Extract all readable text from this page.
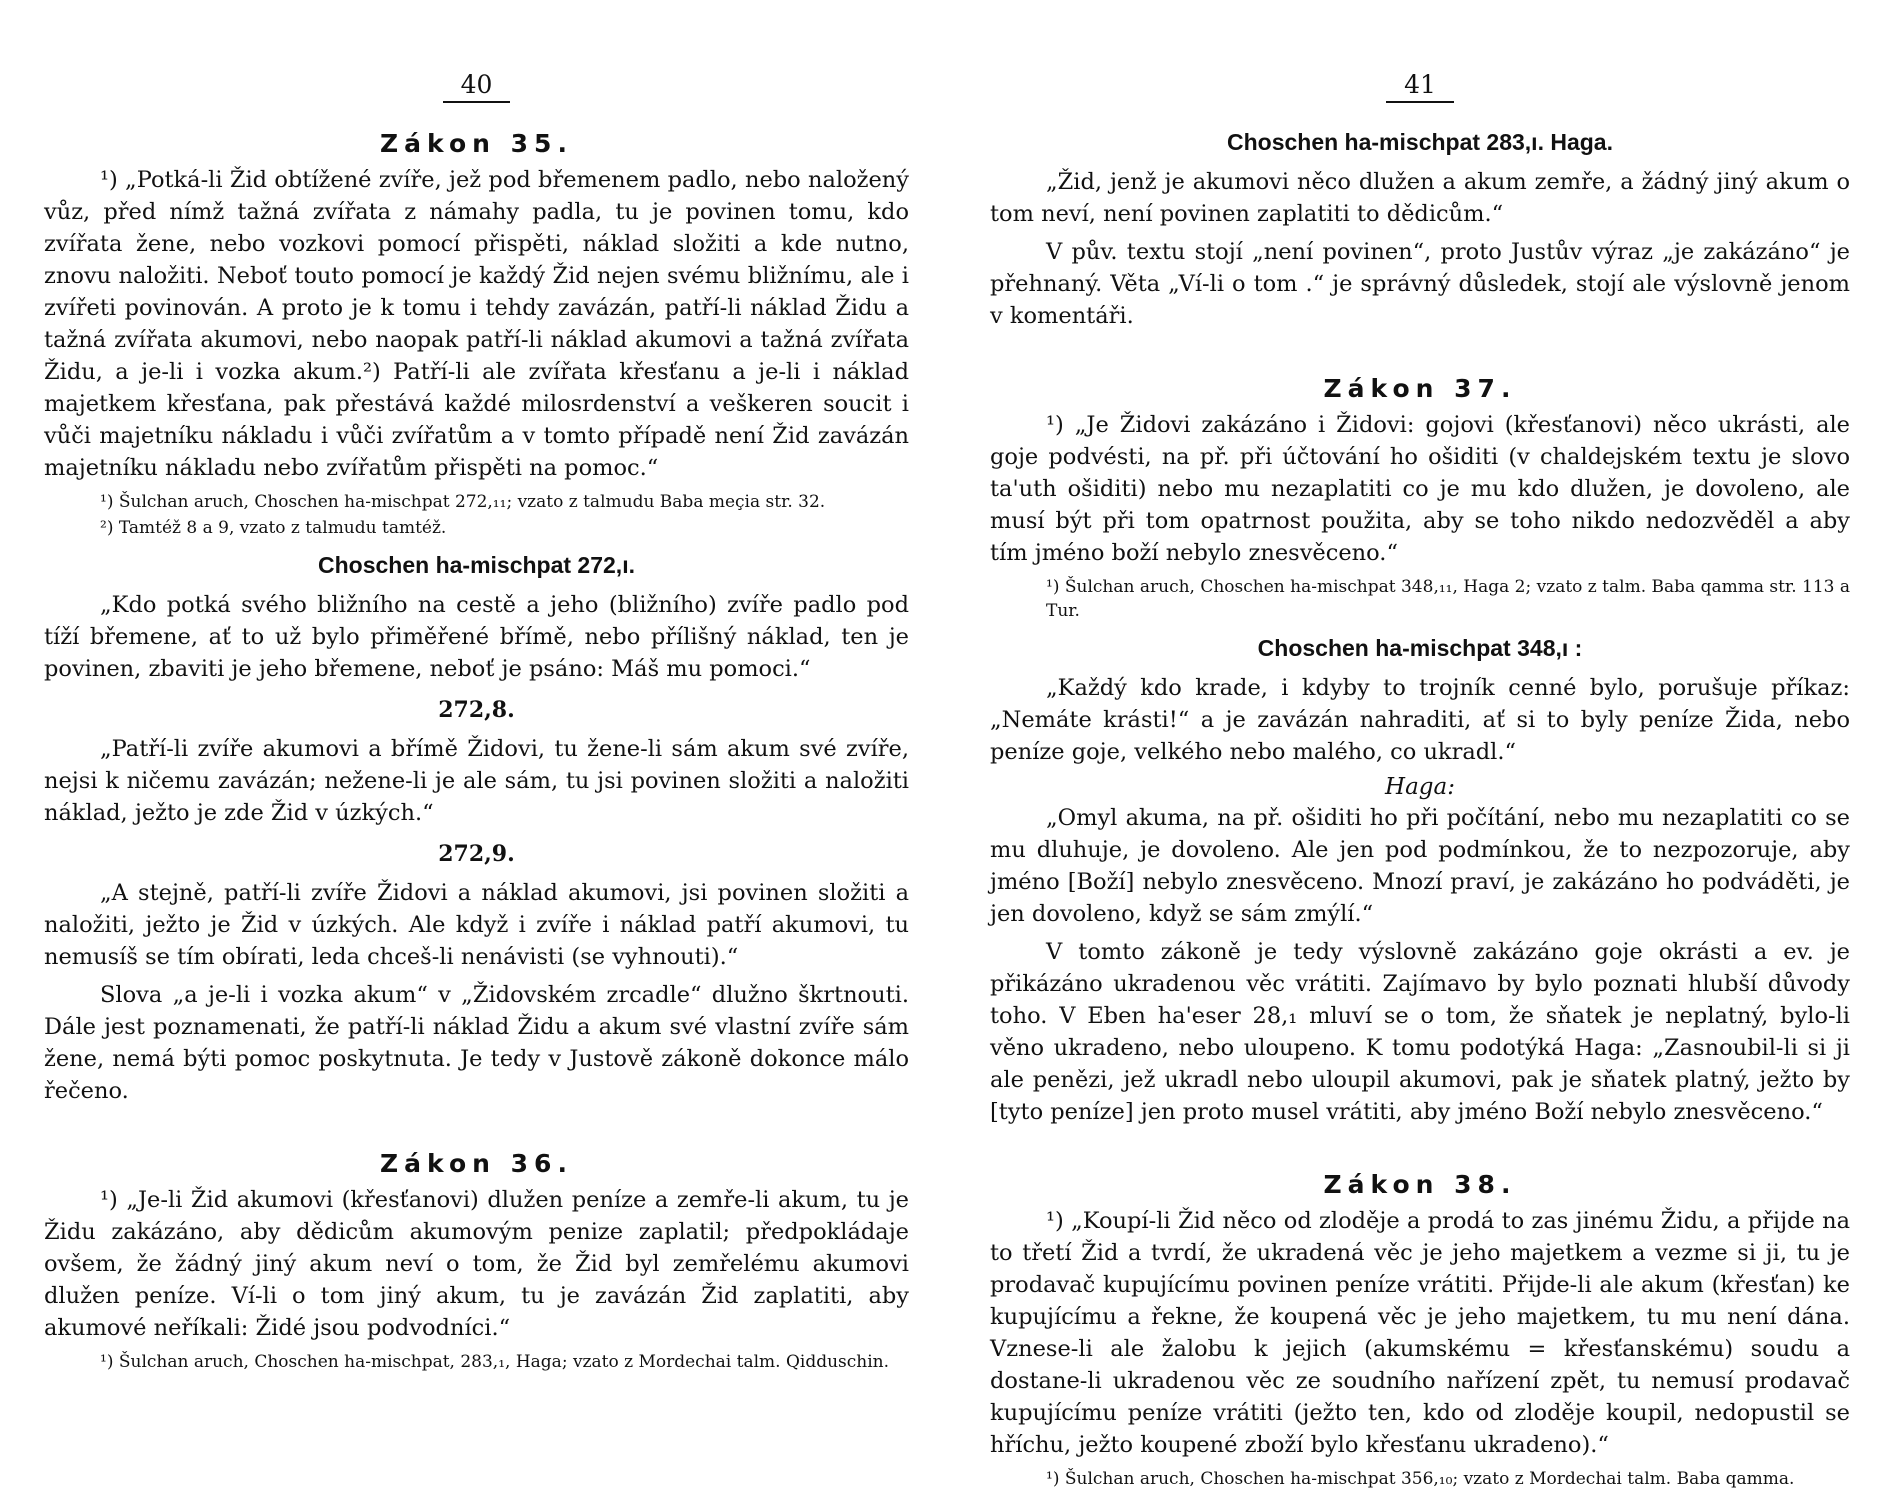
40
Zákon 35.

¹) „Potká-li Žid obtížené zvíře, jež pod břemenem padlo, nebo naložený vůz, před nímž tažná zvířata z námahy padla, tu je povinen tomu, kdo zvířata žene, nebo vozkovi pomocí přispěti, náklad složiti a kde nutno, znovu naložiti. Neboť touto pomocí je každý Žid nejen svému bližnímu, ale i zvířeti povinován. A proto je k tomu i tehdy zavázán, patří-li náklad Židu a tažná zvířata akumovi, nebo naopak patří-li náklad akumovi a tažná zvířata Židu, a je-li i vozka akum.²) Patří-li ale zvířata křesťanu a je-li i náklad majetkem křesťana, pak přestává každé milosrdenství a veškeren soucit i vůči majetníku nákladu i vůči zvířatům a v tomto případě není Žid zavázán majetníku nákladu nebo zvířatům přispěti na pomoc.“

¹) Šulchan aruch, Choschen ha-mischpat 272,₁₁; vzato z talmudu Baba meçia str. 32.
²) Tamtéž 8 a 9, vzato z talmudu tamtéž.
Choschen ha-mischpat 272,ı.

„Kdo potká svého bližního na cestě a jeho (bližního) zvíře padlo pod tíží břemene, ať to už bylo přiměřené břímě, nebo přílišný náklad, ten je povinen, zbaviti je jeho břemene, neboť je psáno: Máš mu pomoci.“

272,8.

„Patří-li zvíře akumovi a břímě Židovi, tu žene-li sám akum své zvíře, nejsi k ničemu zavázán; nežene-li je ale sám, tu jsi povinen složiti a naložiti náklad, ježto je zde Žid v úzkých.“

272,9.

„A stejně, patří-li zvíře Židovi a náklad akumovi, jsi povinen složiti a naložiti, ježto je Žid v úzkých. Ale když i zvíře i náklad patří akumovi, tu nemusíš se tím obírati, leda chceš-li nenávisti (se vyhnouti).“

Slova „a je-li i vozka akum“ v „Židovském zrcadle“ dlužno škrtnouti. Dále jest poznamenati, že patří-li náklad Židu a akum své vlastní zvíře sám žene, nemá býti pomoc poskytnuta. Je tedy v Justově zákoně dokonce málo řečeno.

Zákon 36.

¹) „Je-li Žid akumovi (křesťanovi) dlužen peníze a zemře-li akum, tu je Židu zakázáno, aby dědicům akumovým penize zaplatil; předpokládaje ovšem, že žádný jiný akum neví o tom, že Žid byl zemřelému akumovi dlužen peníze. Ví-li o tom jiný akum, tu je zavázán Žid zaplatiti, aby akumové neříkali: Židé jsou podvodníci.“

¹) Šulchan aruch, Choschen ha-mischpat, 283,₁, Haga; vzato z Mordechai talm. Qidduschin.
41
Choschen ha-mischpat 283,ı. Haga.

„Žid, jenž je akumovi něco dlužen a akum zemře, a žádný jiný akum o tom neví, není povinen zaplatiti to dědicům.“

V pův. textu stojí „není povinen“, proto Justův výraz „je zakázáno“ je přehnaný. Věta „Ví-li o tom .“ je správný důsledek, stojí ale výslovně jenom v komentáři.

Zákon 37.

¹) „Je Židovi zakázáno i Židovi: gojovi (křesťanovi) něco ukrásti, ale goje podvésti, na př. při účtování ho ošiditi (v chaldejském textu je slovo ta'uth ošiditi) nebo mu nezaplatiti co je mu kdo dlužen, je dovoleno, ale musí být při tom opatrnost použita, aby se toho nikdo nedozvěděl a aby tím jméno boží nebylo znesvěceno.“

¹) Šulchan aruch, Choschen ha-mischpat 348,₁₁, Haga 2; vzato z talm. Baba qamma str. 113 a Tur.
Choschen ha-mischpat 348,ı :

„Každý kdo krade, i kdyby to trojník cenné bylo, porušuje příkaz: „Nemáte krásti!“ a je zavázán nahraditi, ať si to byly peníze Žida, nebo peníze goje, velkého nebo malého, co ukradl.“

Haga:

„Omyl akuma, na př. ošiditi ho při počítání, nebo mu nezaplatiti co se mu dluhuje, je dovoleno. Ale jen pod podmínkou, že to nezpozoruje, aby jméno [Boží] nebylo znesvěceno. Mnozí praví, je zakázáno ho podváděti, je jen dovoleno, když se sám zmýlí.“

V tomto zákoně je tedy výslovně zakázáno goje okrásti a ev. je přikázáno ukradenou věc vrátiti. Zajímavo by bylo poznati hlubší důvody toho. V Eben ha'eser 28,₁ mluví se o tom, že sňatek je neplatný, bylo-li věno ukradeno, nebo uloupeno. K tomu podotýká Haga: „Zasnoubil-li si ji ale penězi, jež ukradl nebo uloupil akumovi, pak je sňatek platný, ježto by [tyto peníze] jen proto musel vrátiti, aby jméno Boží nebylo znesvěceno.“

Zákon 38.

¹) „Koupí-li Žid něco od zloděje a prodá to zas jinému Židu, a přijde na to třetí Žid a tvrdí, že ukradená věc je jeho majetkem a vezme si ji, tu je prodavač kupujícímu povinen peníze vrátiti. Přijde-li ale akum (křesťan) ke kupujícímu a řekne, že koupená věc je jeho majetkem, tu mu není dána. Vznese-li ale žalobu k jejich (akumskému = křesťanskému) soudu a dostane-li ukradenou věc ze soudního nařízení zpět, tu nemusí prodavač kupujícímu peníze vrátiti (ježto ten, kdo od zloděje koupil, nedopustil se hříchu, ježto koupené zboží bylo křesťanu ukradeno).“

¹) Šulchan aruch, Choschen ha-mischpat 356,₁₀; vzato z Mordechai talm. Baba qamma.
